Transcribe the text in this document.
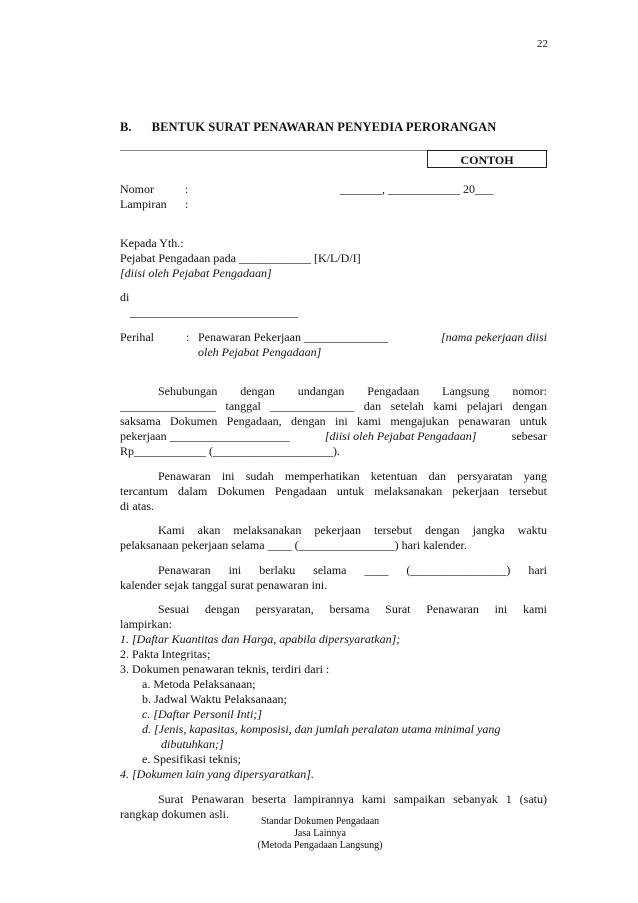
22
B. BENTUK SURAT PENAWARAN PENYEDIA PERORANGAN
CONTOH
Nomor	:	_______, ____________ 20___
Lampiran :
Kepada Yth.:
Pejabat Pengadaan pada ____________ [K/L/D/I]
[diisi oleh Pejabat Pengadaan]
di
____________________________
Perihal	: Penawaran Pekerjaan ______________	[nama pekerjaan diisi
oleh Pejabat Pengadaan]
Sehubungan dengan undangan Pengadaan Langsung nomor:
________________ tanggal ______________ dan setelah kami pelajari dengan
saksama Dokumen Pengadaan, dengan ini kami mengajukan penawaran untuk
pekerjaan ____________________	[diisi oleh Pejabat Pengadaan]	sebesar
Rp____________ (____________________).
Penawaran ini sudah memperhatikan ketentuan dan persyaratan yang
tercantum dalam Dokumen Pengadaan untuk melaksanakan pekerjaan tersebut
di atas.
Kami akan melaksanakan pekerjaan tersebut dengan jangka waktu
pelaksanaan pekerjaan selama ____ (________________) hari kalender.
Penawaran ini berlaku selama ____ (________________) hari
kalender sejak tanggal surat penawaran ini.
Sesuai dengan persyaratan, bersama Surat Penawaran ini kami
lampirkan:
1. [Daftar Kuantitas dan Harga, apabila dipersyaratkan];
2. Pakta Integritas;
3. Dokumen penawaran teknis, terdiri dari :
a. Metoda Pelaksanaan;
b. Jadwal Waktu Pelaksanaan;
c. [Daftar Personil Inti;]
d. [Jenis, kapasitas, komposisi, dan jumlah peralatan utama minimal yang
dibutuhkan;]
e. Spesifikasi teknis;
4. [Dokumen lain yang dipersyaratkan].
Surat Penawaran beserta lampirannya kami sampaikan sebanyak 1 (satu)
rangkap dokumen asli.
Standar Dokumen Pengadaan
Jasa Lainnya
(Metoda Pengadaan Langsung)
